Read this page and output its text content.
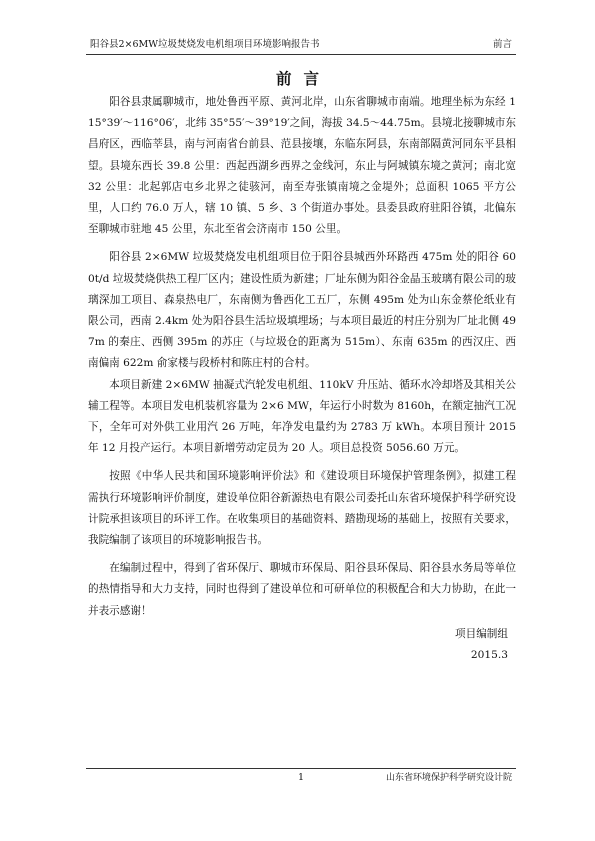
阳谷县2×6MW垃圾焚烧发电机组项目环境影响报告书	前言
前言

阳谷县隶属聊城市，地处鲁西平原、黄河北岸，山东省聊城市南端。地理坐标为东经 115°39′～116°06′，北纬 35°55′～39°19′之间，海拔 34.5～44.75m。县境北接聊城市东昌府区，西临莘县，南与河南省台前县、范县接壤，东临东阿县，东南部隔黄河同东平县相望。县境东西长 39.8 公里：西起西湖乡西界之金线河，东止与阿城镇东境之黄河；南北宽 32 公里：北起郭店屯乡北界之徒骇河，南至寿张镇南境之金堤外；总面积 1065 平方公里，人口约 76.0 万人，辖 10 镇、5 乡、3 个街道办事处。县委县政府驻阳谷镇，北偏东至聊城市驻地 45 公里，东北至省会济南市 150 公里。

阳谷县 2×6MW 垃圾焚烧发电机组项目位于阳谷县城西外环路西 475m 处的阳谷 600t/d 垃圾焚烧供热工程厂区内；建设性质为新建；厂址东侧为阳谷金晶玉玻璃有限公司的玻璃深加工项目、森泉热电厂，东南侧为鲁西化工五厂，东侧 495m 处为山东金蔡伦纸业有限公司，西南 2.4km 处为阳谷县生活垃圾填埋场；与本项目最近的村庄分别为厂址北侧 497m 的秦庄、西侧 395m 的苏庄（与垃圾仓的距离为 515m）、东南 635m 的西汉庄、西南偏南 622m 俞家楼与段桥村和陈庄村的合村。

本项目新建 2×6MW 抽凝式汽轮发电机组、110kV 升压站、循环水冷却塔及其相关公辅工程等。本项目发电机装机容量为 2×6 MW，年运行小时数为 8160h，在额定抽汽工况下，全年可对外供工业用汽 26 万吨，年净发电量约为 2783 万 kWh。本项目预计 2015 年 12 月投产运行。本项目新增劳动定员为 20 人。项目总投资 5056.60 万元。

按照《中华人民共和国环境影响评价法》和《建设项目环境保护管理条例》，拟建工程需执行环境影响评价制度，建设单位阳谷新源热电有限公司委托山东省环境保护科学研究设计院承担该项目的环评工作。在收集项目的基础资料、踏勘现场的基础上，按照有关要求，我院编制了该项目的环境影响报告书。

在编制过程中，得到了省环保厅、聊城市环保局、阳谷县环保局、阳谷县水务局等单位的热情指导和大力支持，同时也得到了建设单位和可研单位的积极配合和大力协助，在此一并表示感谢！

项目编制组
2015.3
1	山东省环境保护科学研究设计院
